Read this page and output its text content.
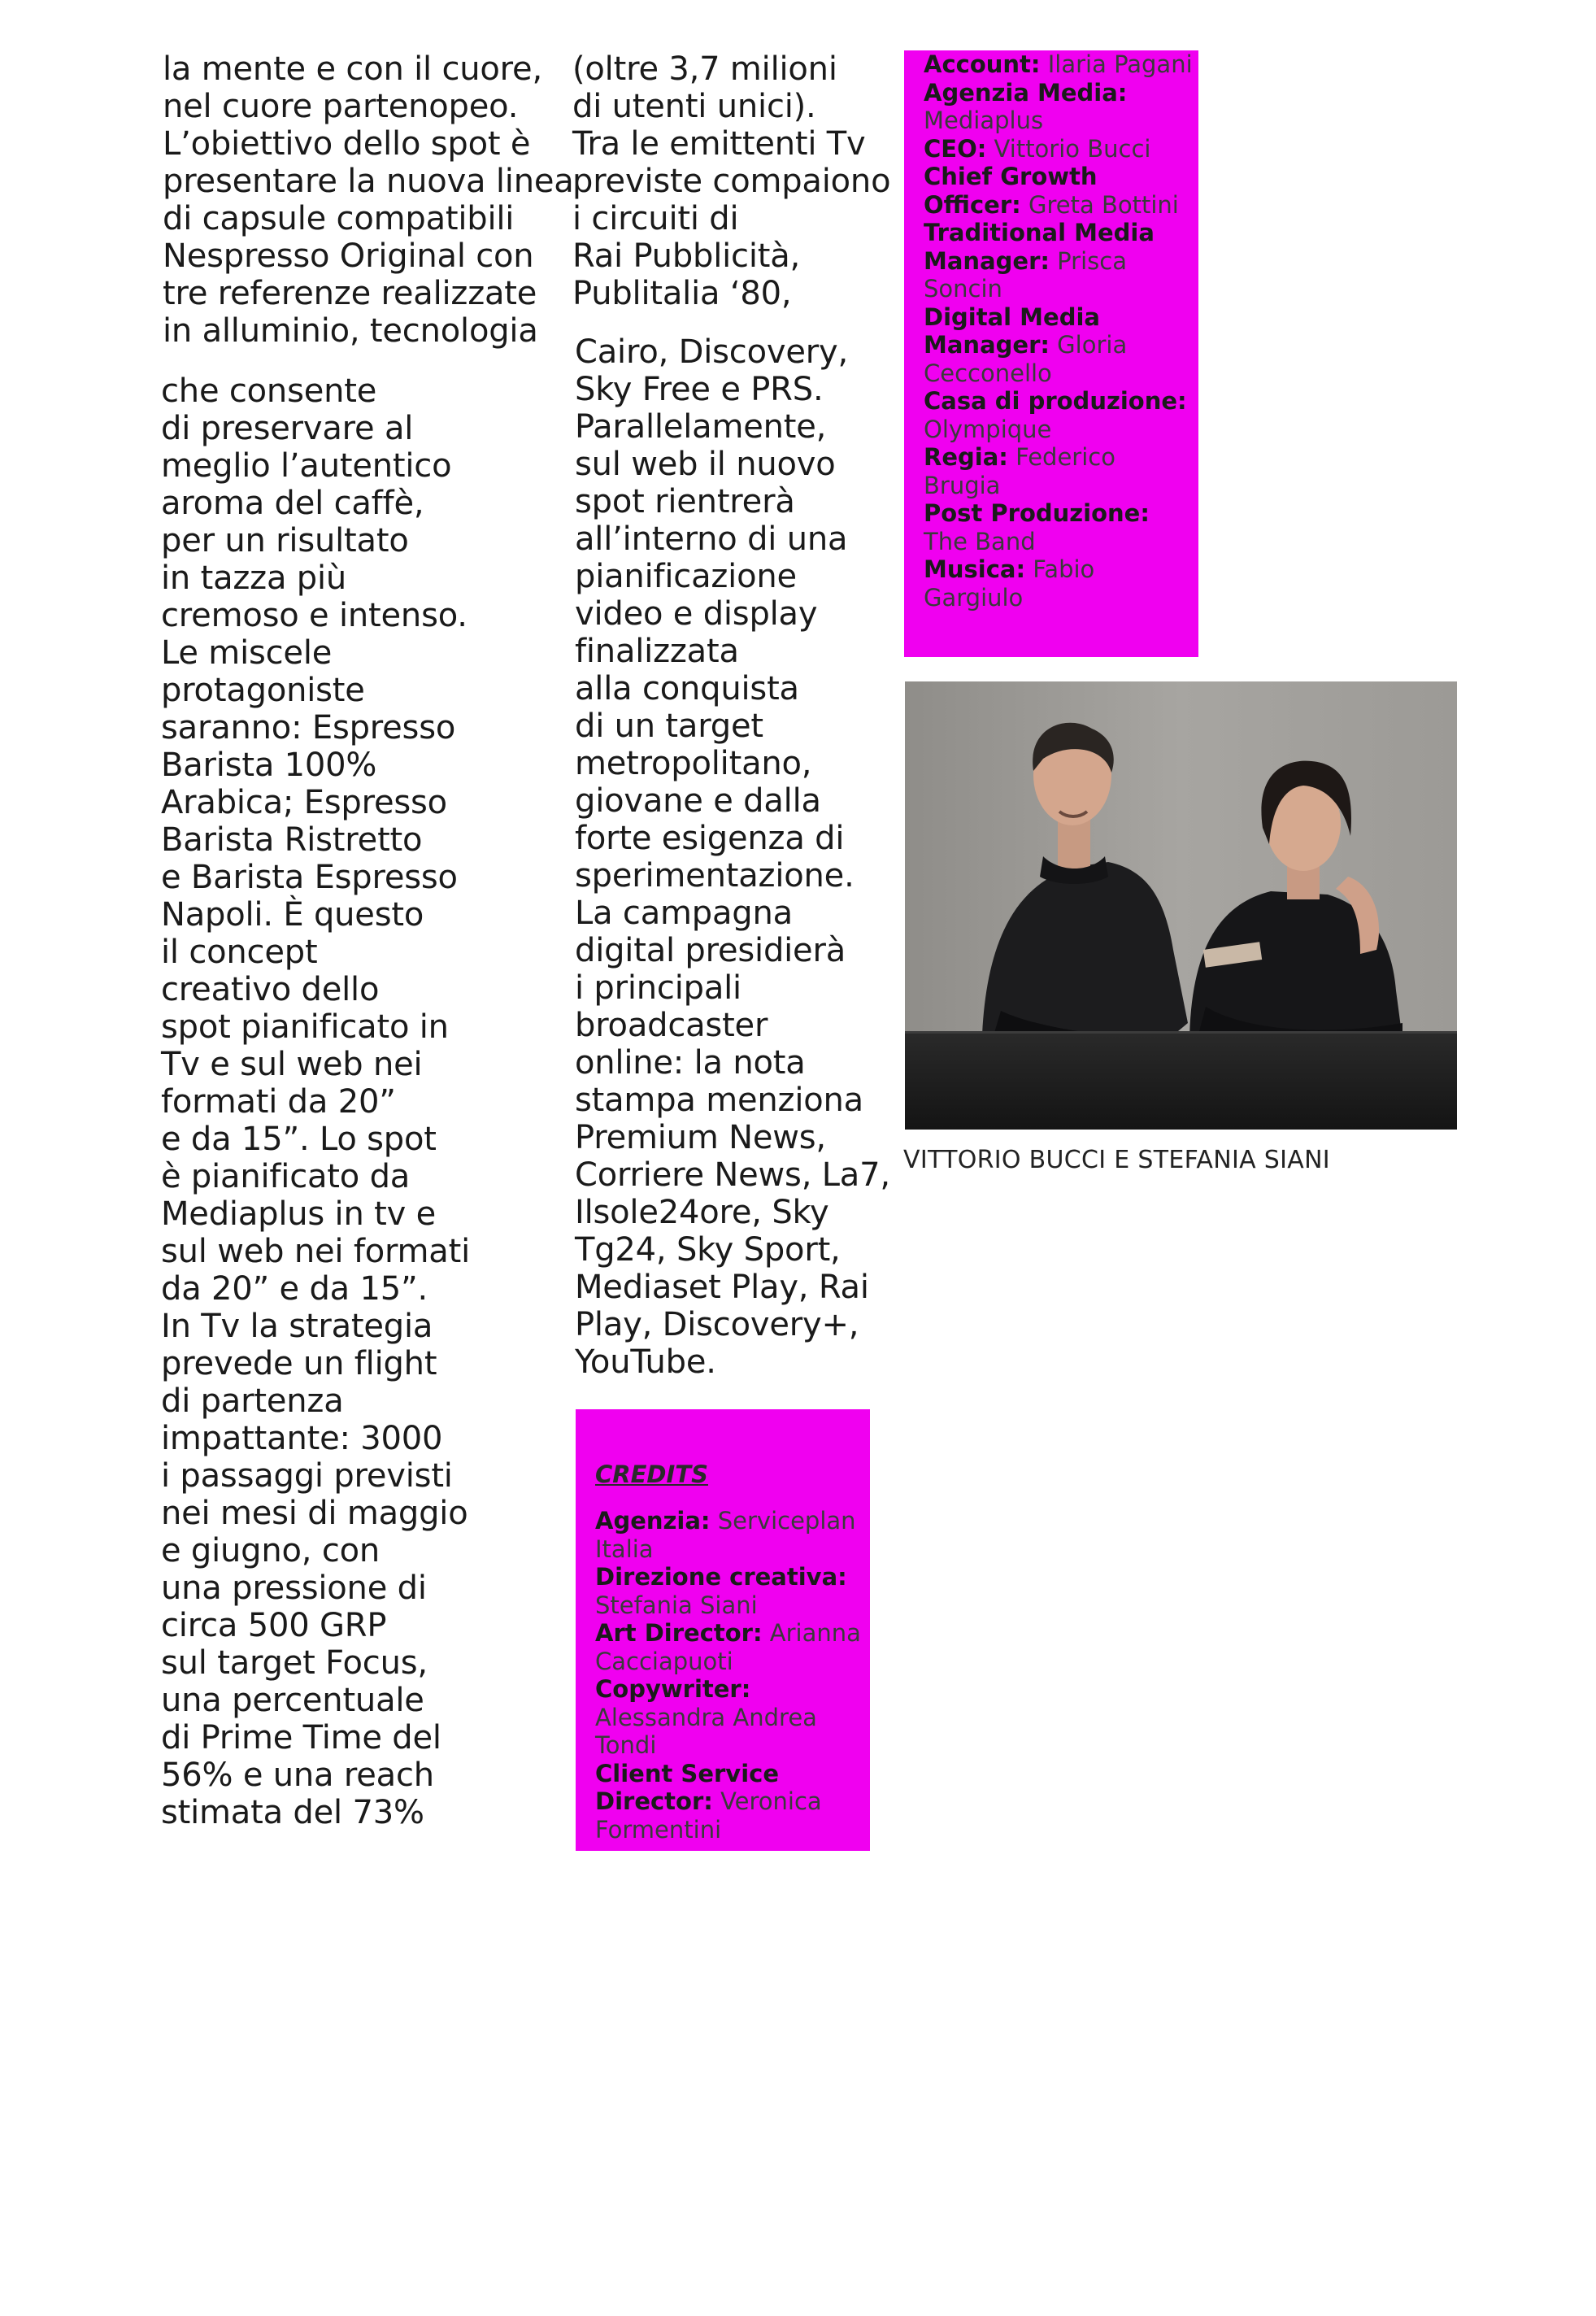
la mente e con il cuore,
nel cuore partenopeo.
L’obiettivo dello spot è
presentare la nuova linea
di capsule compatibili
Nespresso Original con
tre referenze realizzate
in alluminio, tecnologia
che consente
di preservare al
meglio l’autentico
aroma del caffè,
per un risultato
in tazza più
cremoso e intenso.
Le miscele
protagoniste
saranno: Espresso
Barista 100%
Arabica; Espresso
Barista Ristretto
e Barista Espresso
Napoli. È questo
il concept
creativo dello
spot pianificato in
Tv e sul web nei
formati da 20”
e da 15”. Lo spot
è pianificato da
Mediaplus in tv e
sul web nei formati
da 20” e da 15”.
In Tv la strategia
prevede un flight
di partenza
impattante: 3000
i passaggi previsti
nei mesi di maggio
e giugno, con
una pressione di
circa 500 GRP
sul target Focus,
una percentuale
di Prime Time del
56% e una reach
stimata del 73%
(oltre 3,7 milioni
di utenti unici).
Tra le emittenti Tv
previste compaiono
i circuiti di
Rai Pubblicità,
Publitalia ‘80,
Cairo, Discovery,
Sky Free e PRS.
Parallelamente,
sul web il nuovo
spot rientrerà
all’interno di una
pianificazione
video e display
finalizzata
alla conquista
di un target
metropolitano,
giovane e dalla
forte esigenza di
sperimentazione.
La campagna
digital presidierà
i principali
broadcaster
online: la nota
stampa menziona
Premium News,
Corriere News, La7,
Ilsole24ore, Sky
Tg24, Sky Sport,
Mediaset Play, Rai
Play, Discovery+,
YouTube.
Account: Ilaria Pagani
Agenzia Media:
Mediaplus
CEO: Vittorio Bucci
Chief Growth
Officer: Greta Bottini
Traditional Media
Manager: Prisca
Soncin
Digital Media
Manager: Gloria
Cecconello
Casa di produzione:
Olympique
Regia: Federico
Brugia
Post Produzione:
The Band
Musica: Fabio
Gargiulo
VITTORIO BUCCI E STEFANIA SIANI
CREDITS
Agenzia: Serviceplan
Italia
Direzione creativa:
Stefania Siani
Art Director: Arianna
Cacciapuoti
Copywriter:
Alessandra Andrea
Tondi
Client Service
Director: Veronica
Formentini
